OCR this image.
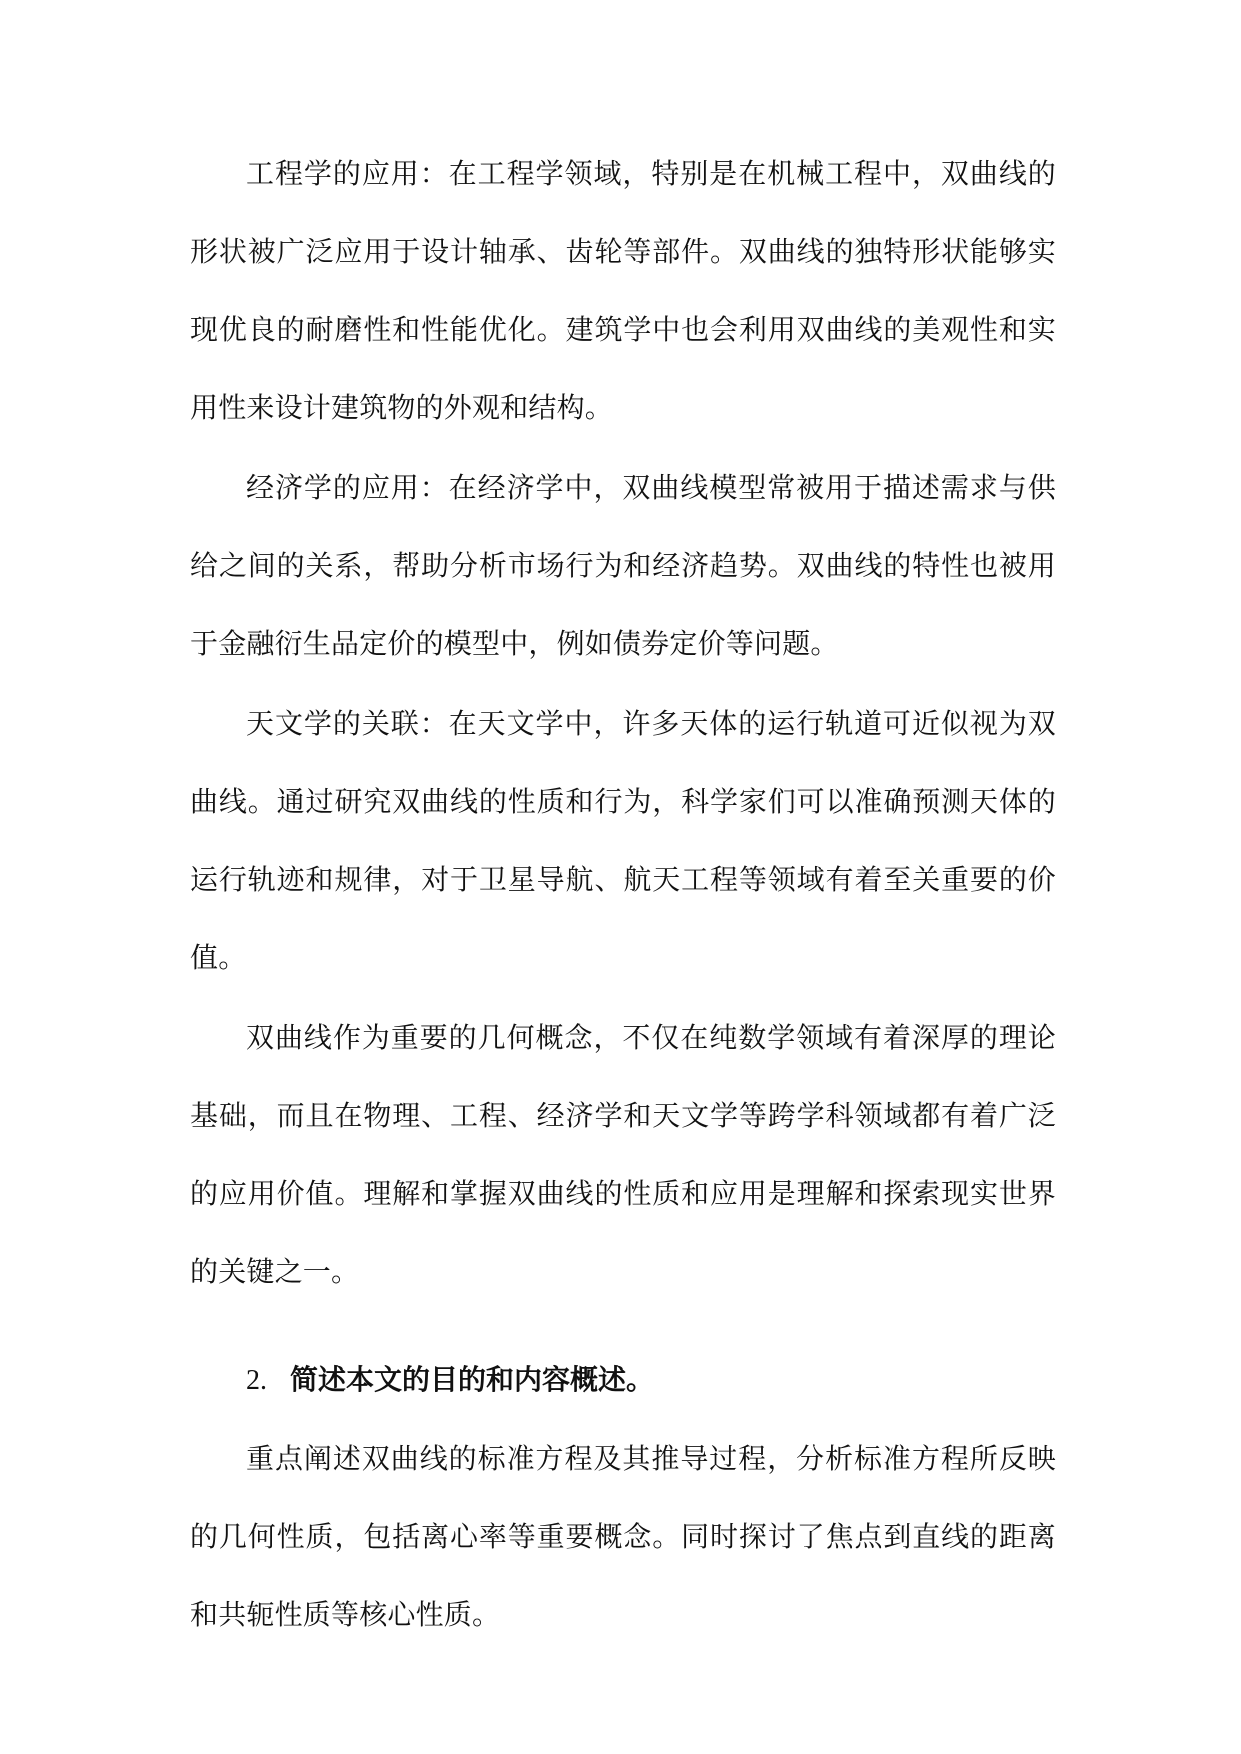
工程学的应用：在工程学领域，特别是在机械工程中，双曲线的形状被广泛应用于设计轴承、齿轮等部件。双曲线的独特形状能够实现优良的耐磨性和性能优化。建筑学中也会利用双曲线的美观性和实用性来设计建筑物的外观和结构。

经济学的应用：在经济学中，双曲线模型常被用于描述需求与供给之间的关系，帮助分析市场行为和经济趋势。双曲线的特性也被用于金融衍生品定价的模型中，例如债券定价等问题。

天文学的关联：在天文学中，许多天体的运行轨道可近似视为双曲线。通过研究双曲线的性质和行为，科学家们可以准确预测天体的运行轨迹和规律，对于卫星导航、航天工程等领域有着至关重要的价值。

双曲线作为重要的几何概念，不仅在纯数学领域有着深厚的理论基础，而且在物理、工程、经济学和天文学等跨学科领域都有着广泛的应用价值。理解和掌握双曲线的性质和应用是理解和探索现实世界的关键之一。

2. 简述本文的目的和内容概述。

重点阐述双曲线的标准方程及其推导过程，分析标准方程所反映的几何性质，包括离心率等重要概念。同时探讨了焦点到直线的距离和共轭性质等核心性质。
